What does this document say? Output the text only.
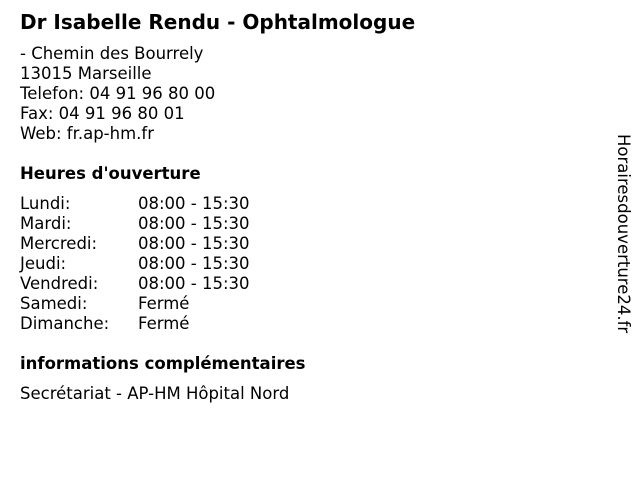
Dr Isabelle Rendu - Ophtalmologue
- Chemin des Bourrely
13015 Marseille
Telefon: 04 91 96 80 00
Fax: 04 91 96 80 01
Web: fr.ap-hm.fr
Heures d'ouverture
Lundi:	08:00 - 15:30
Mardi:	08:00 - 15:30
Mercredi:	08:00 - 15:30
Jeudi:	08:00 - 15:30
Vendredi:	08:00 - 15:30
Samedi:	Fermé
Dimanche:	Fermé
informations complémentaires
Secrétariat - AP-HM Hôpital Nord
Horairesdouverture24.fr
